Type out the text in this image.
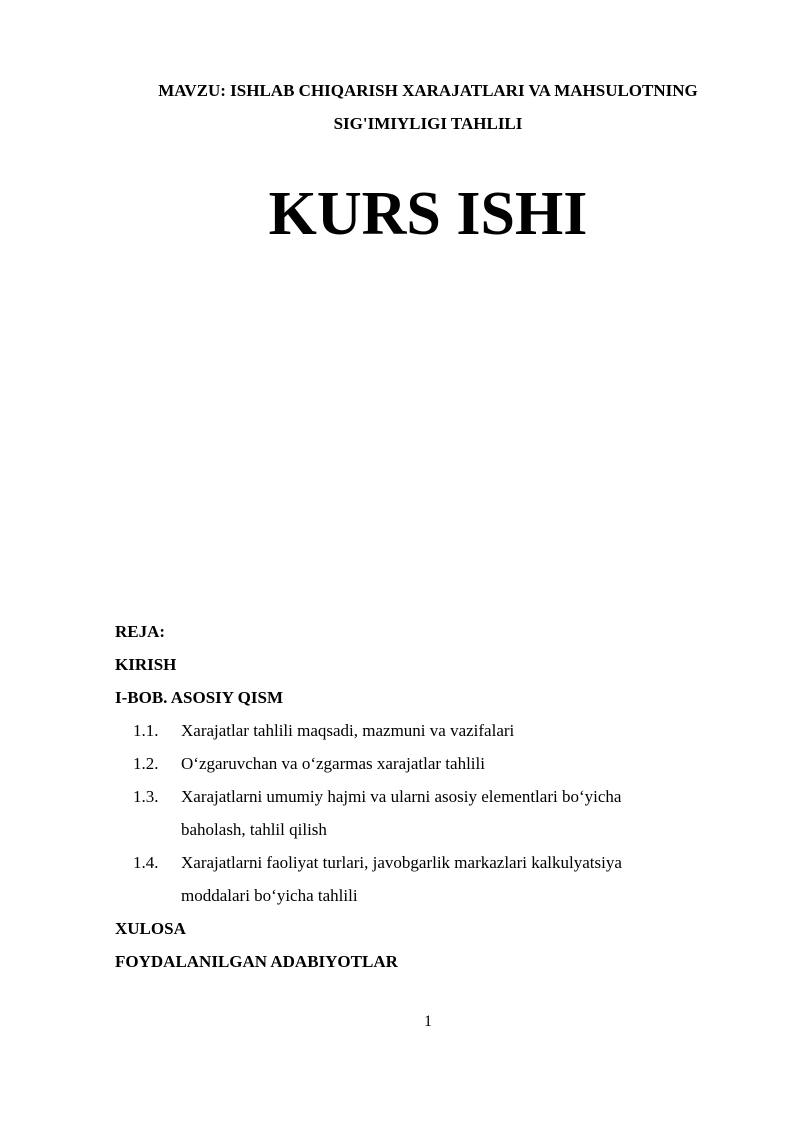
MAVZU: ISHLAB CHIQARISH XARAJATLARI VA MAHSULOTNING
SIG'IMIYLIGI TAHLILI
KURS ISHI
REJA:
KIRISH
I-BOB. ASOSIY QISM
1.1.	Xarajatlar tahlili maqsadi, mazmuni va vazifalari
1.2.	O‘zgaruvchan va o‘zgarmas xarajatlar tahlili
1.3.	Xarajatlarni umumiy hajmi va ularni asosiy elementlari bo‘yicha baholash, tahlil qilish
1.4.	Xarajatlarni faoliyat turlari, javobgarlik markazlari kalkulyatsiya moddalari bo‘yicha tahlili
XULOSA
FOYDALANILGAN ADABIYOTLAR
1
